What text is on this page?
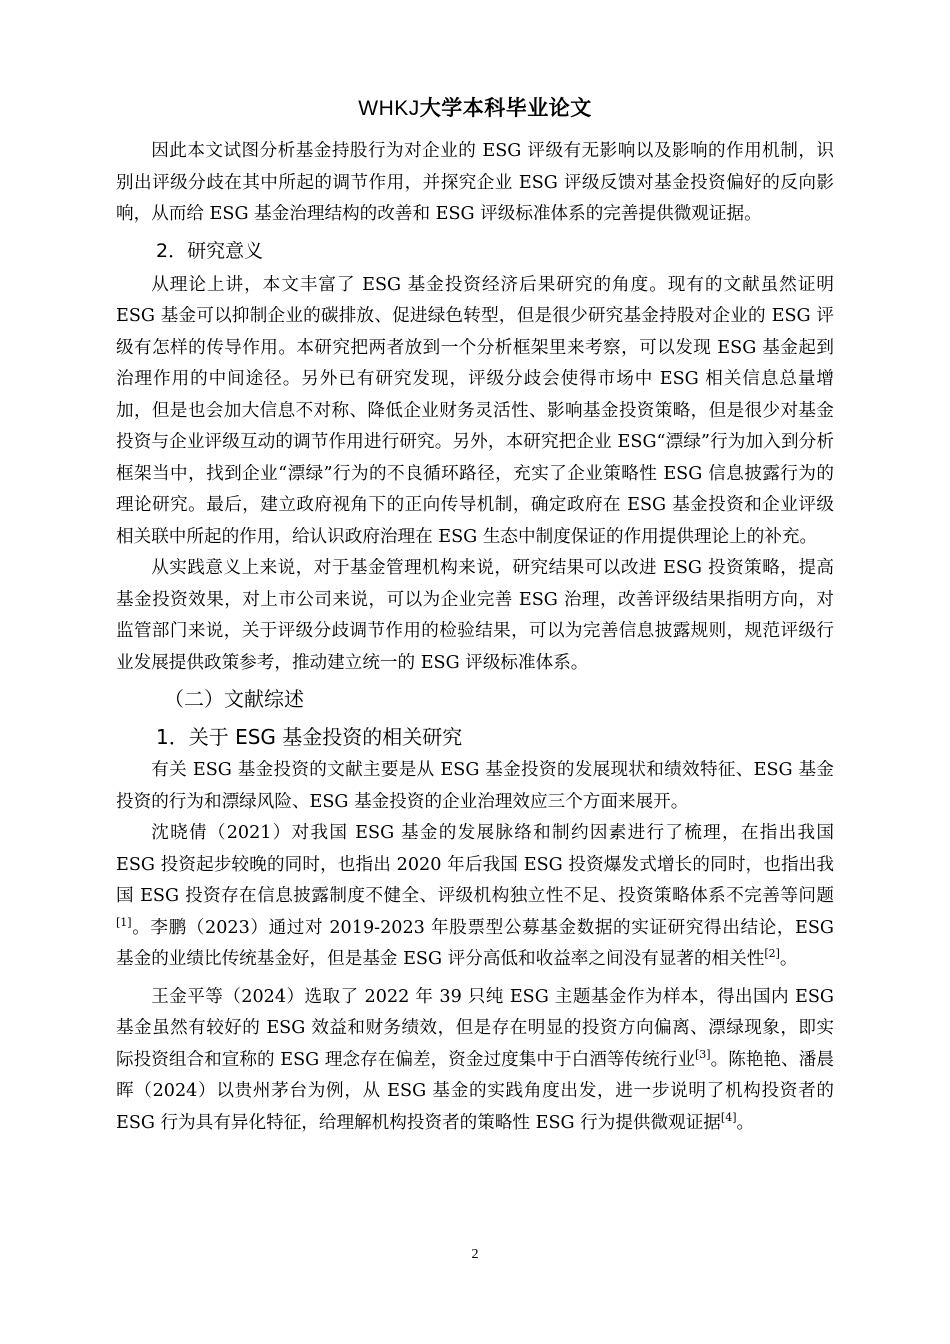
WHKJ大学本科毕业论文

因此本文试图分析基金持股行为对企业的 ESG 评级有无影响以及影响的作用机制，识别出评级分歧在其中所起的调节作用，并探究企业 ESG 评级反馈对基金投资偏好的反向影响，从而给 ESG 基金治理结构的改善和 ESG 评级标准体系的完善提供微观证据。

2．研究意义

从理论上讲，本文丰富了 ESG 基金投资经济后果研究的角度。现有的文献虽然证明 ESG 基金可以抑制企业的碳排放、促进绿色转型，但是很少研究基金持股对企业的 ESG 评级有怎样的传导作用。本研究把两者放到一个分析框架里来考察，可以发现 ESG 基金起到治理作用的中间途径。另外已有研究发现，评级分歧会使得市场中 ESG 相关信息总量增加，但是也会加大信息不对称、降低企业财务灵活性、影响基金投资策略，但是很少对基金投资与企业评级互动的调节作用进行研究。另外，本研究把企业 ESG“漂绿”行为加入到分析框架当中，找到企业“漂绿”行为的不良循环路径，充实了企业策略性 ESG 信息披露行为的理论研究。最后，建立政府视角下的正向传导机制，确定政府在 ESG 基金投资和企业评级相关联中所起的作用，给认识政府治理在 ESG 生态中制度保证的作用提供理论上的补充。

从实践意义上来说，对于基金管理机构来说，研究结果可以改进 ESG 投资策略，提高基金投资效果，对上市公司来说，可以为企业完善 ESG 治理，改善评级结果指明方向，对监管部门来说，关于评级分歧调节作用的检验结果，可以为完善信息披露规则，规范评级行业发展提供政策参考，推动建立统一的 ESG 评级标准体系。

（二）文献综述
1．关于 ESG 基金投资的相关研究

有关 ESG 基金投资的文献主要是从 ESG 基金投资的发展现状和绩效特征、ESG 基金投资的行为和漂绿风险、ESG 基金投资的企业治理效应三个方面来展开。

沈晓倩（2021）对我国 ESG 基金的发展脉络和制约因素进行了梳理，在指出我国 ESG 投资起步较晚的同时，也指出 2020 年后我国 ESG 投资爆发式增长的同时，也指出我国 ESG 投资存在信息披露制度不健全、评级机构独立性不足、投资策略体系不完善等问题[1]。李鹏（2023）通过对 2019-2023 年股票型公募基金数据的实证研究得出结论，ESG 基金的业绩比传统基金好，但是基金 ESG 评分高低和收益率之间没有显著的相关性[2]。

王金平等（2024）选取了 2022 年 39 只纯 ESG 主题基金作为样本，得出国内 ESG 基金虽然有较好的 ESG 效益和财务绩效，但是存在明显的投资方向偏离、漂绿现象，即实际投资组合和宣称的 ESG 理念存在偏差，资金过度集中于白酒等传统行业[3]。陈艳艳、潘晨晖（2024）以贵州茅台为例，从 ESG 基金的实践角度出发，进一步说明了机构投资者的 ESG 行为具有异化特征，给理解机构投资者的策略性 ESG 行为提供微观证据[4]。

2
